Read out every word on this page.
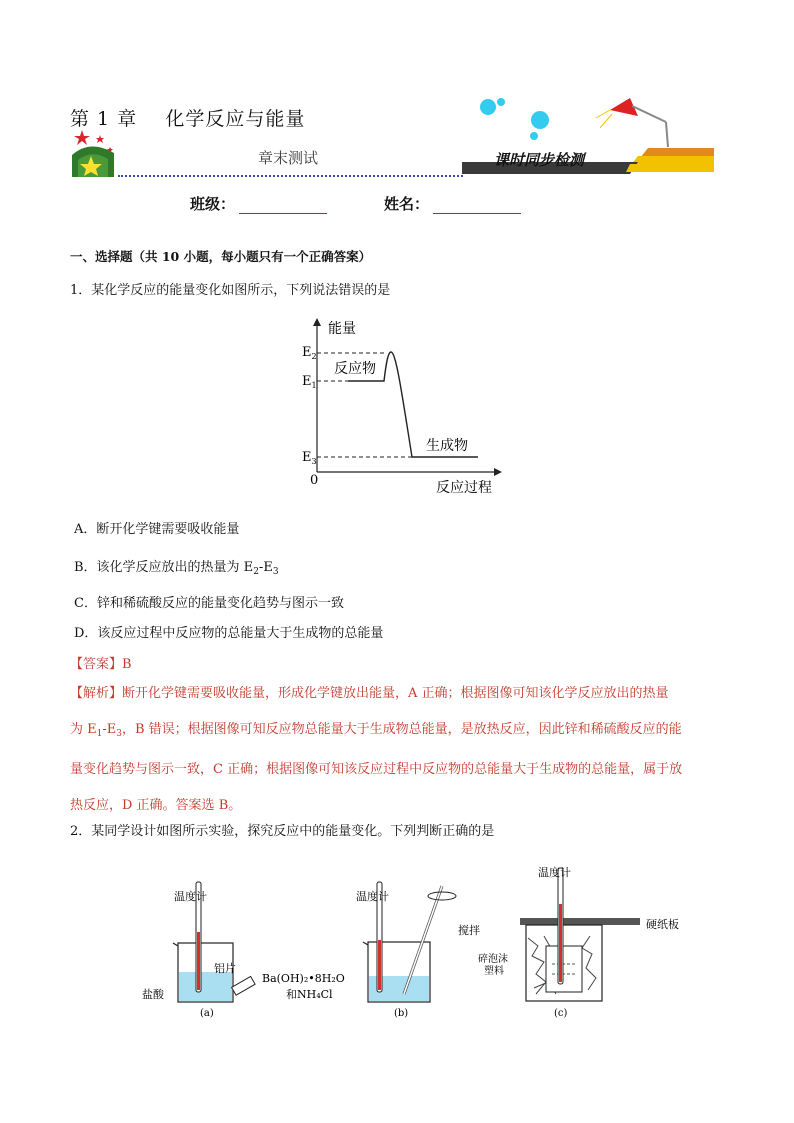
第 1 章    化学反应与能量
课时同步检测
章末测试
班级：	姓名：
一、选择题（共 10 小题，每小题只有一个正确答案）
1．某化学反应的能量变化如图所示，下列说法错误的是
能量
$E_2$
$E_1$
$E_3$
0
反应物
生成物
反应过程
A．断开化学键需要吸收能量
B．该化学反应放出的热量为 $E_2-E_3$
C．锌和稀硫酸反应的能量变化趋势与图示一致
D．该反应过程中反应物的总能量大于生成物的总能量
【答案】B
【解析】断开化学键需要吸收能量，形成化学键放出能量，A 正确；根据图像可知该化学反应放出的热量
为 $E_1-E_3$，B 错误；根据图像可知反应物总能量大于生成物总能量，是放热反应，因此锌和稀硫酸反应的能
量变化趋势与图示一致，C 正确；根据图像可知该反应过程中反应物的总能量大于生成物的总能量，属于放
热反应，D 正确。答案选 B。
2．某同学设计如图所示实验，探究反应中的能量变化。下列判断正确的是
温度计
铝片
盐酸
(a)
温度计
搅拌
Ba(OH)₂•8H₂O
和NH₄Cl
(b)
温度计
硬纸板
碎泡沫
塑料
(c)
